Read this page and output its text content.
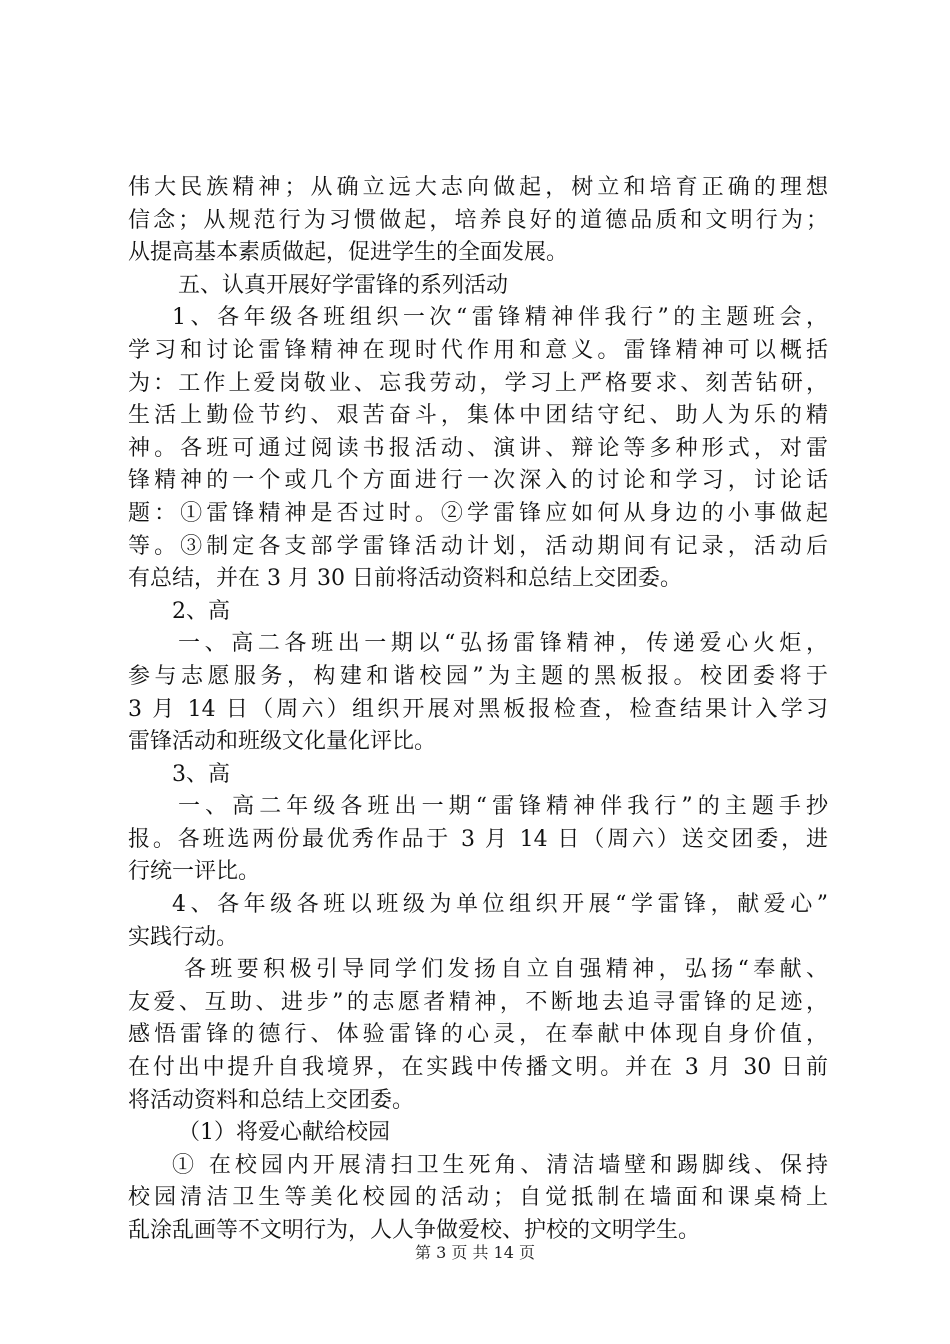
伟大民族精神；从确立远大志向做起，树立和培育正确的理想
信念；从规范行为习惯做起，培养良好的道德品质和文明行为；
从提高基本素质做起，促进学生的全面发展。
五、认真开展好学雷锋的系列活动
1、各年级各班组织一次“雷锋精神伴我行”的主题班会，
学习和讨论雷锋精神在现时代作用和意义。雷锋精神可以概括
为：工作上爱岗敬业、忘我劳动，学习上严格要求、刻苦钻研，
生活上勤俭节约、艰苦奋斗，集体中团结守纪、助人为乐的精
神。各班可通过阅读书报活动、演讲、辩论等多种形式，对雷
锋精神的一个或几个方面进行一次深入的讨论和学习，讨论话
题：①雷锋精神是否过时。②学雷锋应如何从身边的小事做起
等。③制定各支部学雷锋活动计划，活动期间有记录，活动后
有总结，并在 3 月 30 日前将活动资料和总结上交团委。
2、高
一、高二各班出一期以“弘扬雷锋精神，传递爱心火炬，
参与志愿服务，构建和谐校园”为主题的黑板报。校团委将于
3 月 14 日（周六）组织开展对黑板报检查，检查结果计入学习
雷锋活动和班级文化量化评比。
3、高
一、高二年级各班出一期“雷锋精神伴我行”的主题手抄
报。各班选两份最优秀作品于 3 月 14 日（周六）送交团委，进
行统一评比。
4、各年级各班以班级为单位组织开展“学雷锋，献爱心”
实践行动。
各班要积极引导同学们发扬自立自强精神，弘扬“奉献、
友爱、互助、进步”的志愿者精神，不断地去追寻雷锋的足迹，
感悟雷锋的德行、体验雷锋的心灵，在奉献中体现自身价值，
在付出中提升自我境界，在实践中传播文明。并在 3 月 30 日前
将活动资料和总结上交团委。
（1）将爱心献给校园
① 在校园内开展清扫卫生死角、清洁墙壁和踢脚线、保持
校园清洁卫生等美化校园的活动；自觉抵制在墙面和课桌椅上
乱涂乱画等不文明行为，人人争做爱校、护校的文明学生。
第 3 页 共 14 页
